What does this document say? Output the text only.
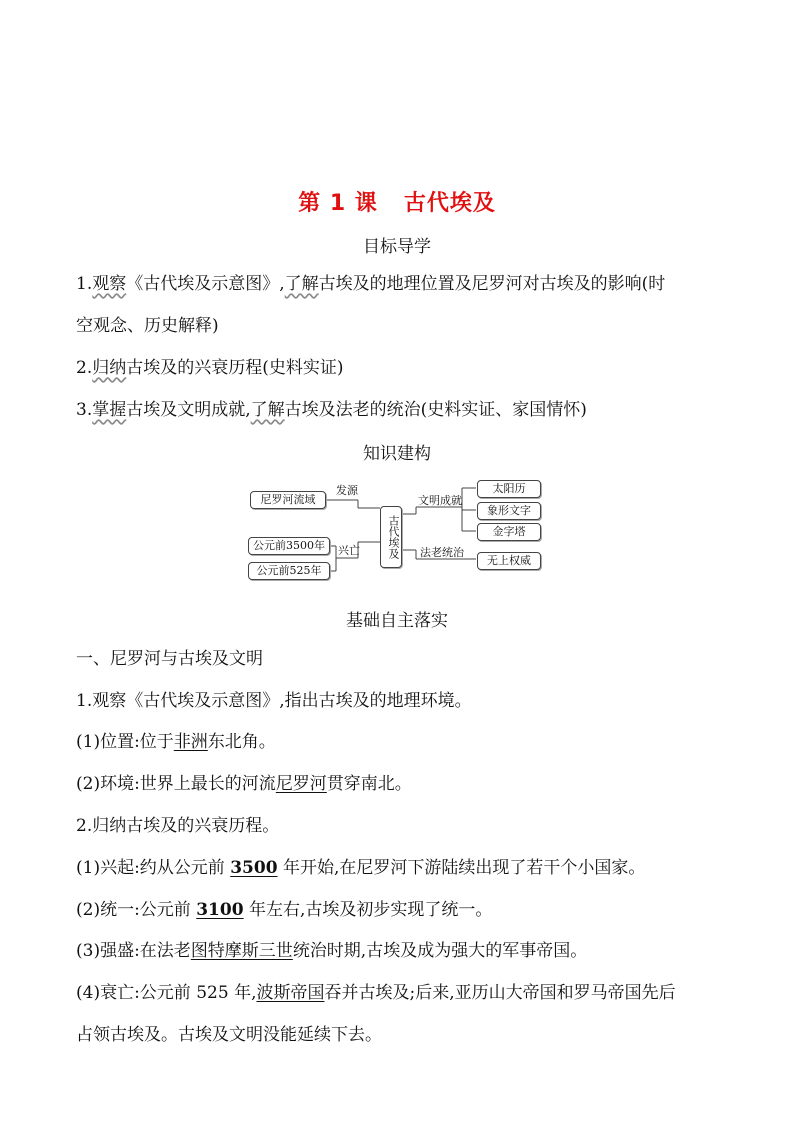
第 1 课 古代埃及
目标导学
1.观察《古代埃及示意图》,了解古埃及的地理位置及尼罗河对古埃及的影响(时
空观念、历史解释)
2.归纳古埃及的兴衰历程(史料实证)
3.掌握古埃及文明成就,了解古埃及法老的统治(史料实证、家国情怀)
知识建构
尼罗河流域
发源
公元前3500年
公元前525年
兴亡	古代埃及
文明成就
太阳历
象形文字
金字塔
法老统治
无上权威
基础自主落实
一、尼罗河与古埃及文明
1.观察《古代埃及示意图》,指出古埃及的地理环境。
(1)位置:位于非洲东北角。
(2)环境:世界上最长的河流尼罗河贯穿南北。
2.归纳古埃及的兴衰历程。
(1)兴起:约从公元前 3500 年开始,在尼罗河下游陆续出现了若干个小国家。
(2)统一:公元前 3100 年左右,古埃及初步实现了统一。
(3)强盛:在法老图特摩斯三世统治时期,古埃及成为强大的军事帝国。
(4)衰亡:公元前 525 年,波斯帝国吞并古埃及;后来,亚历山大帝国和罗马帝国先后
占领古埃及。古埃及文明没能延续下去。
